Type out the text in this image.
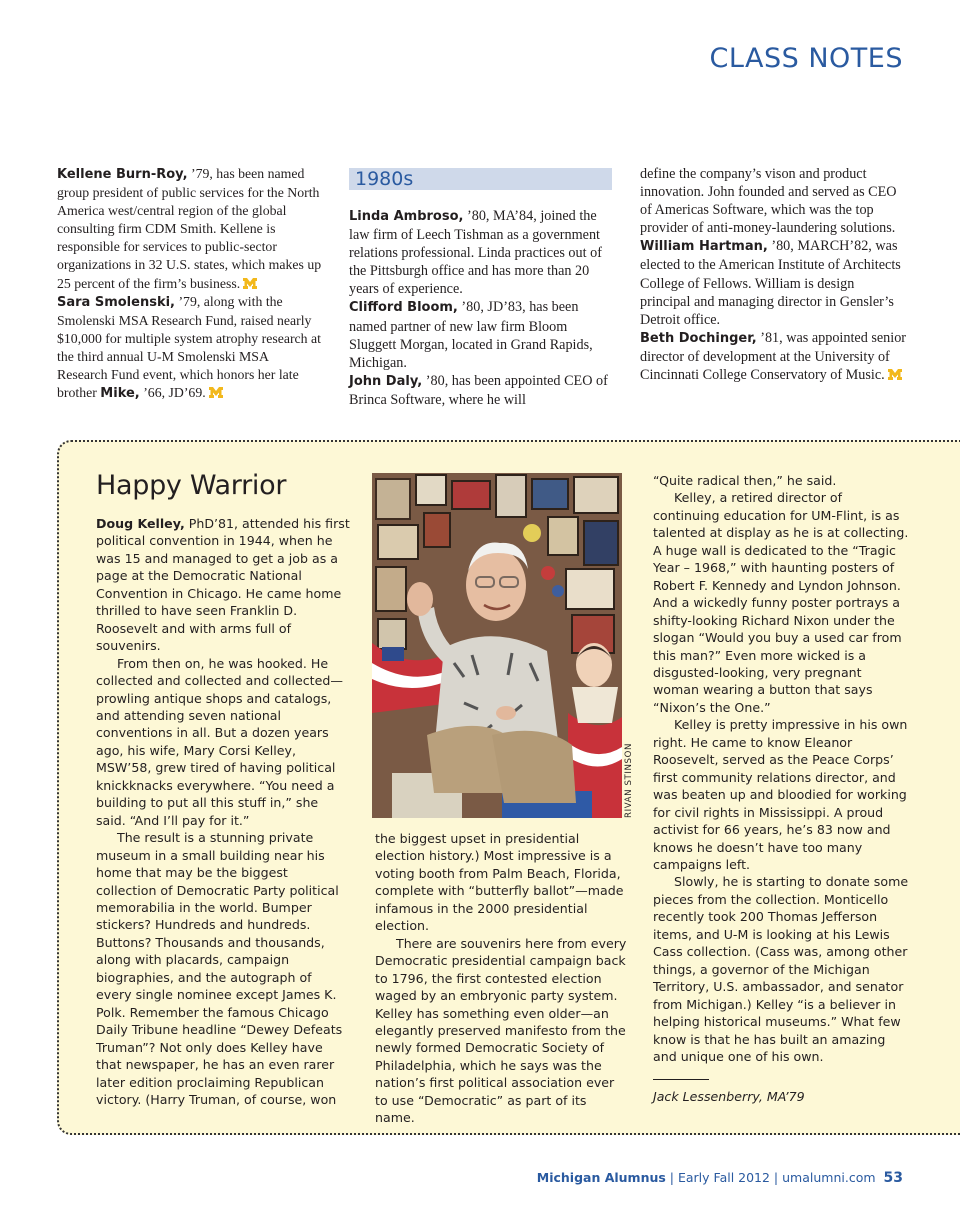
CLASS NOTES

Kellene Burn-Roy, ’79, has been named group president of public services for the North America west/central region of the global consulting firm CDM Smith. Kellene is responsible for services to public-sector organizations in 32 U.S. states, which makes up 25 percent of the firm’s business.

Sara Smolenski, ’79, along with the Smolenski MSA Research Fund, raised nearly $10,000 for multiple system atrophy research at the third annual U-M Smolenski MSA Research Fund event, which honors her late brother Mike, ’66, JD’69.

1980s

Linda Ambroso, ’80, MA’84, joined the law firm of Leech Tishman as a government relations professional. Linda practices out of the Pittsburgh office and has more than 20 years of experience.

Clifford Bloom, ’80, JD’83, has been named partner of new law firm Bloom Sluggett Morgan, located in Grand Rapids, Michigan.

John Daly, ’80, has been appointed CEO of Brinca Software, where he will

define the company’s vison and product innovation. John founded and served as CEO of Americas Software, which was the top provider of anti-money-laundering solutions.

William Hartman, ’80, MARCH’82, was elected to the American Institute of Architects College of Fellows. William is design principal and managing director in Gensler’s Detroit office.

Beth Dochinger, ’81, was appointed senior director of development at the University of Cincinnati College Conservatory of Music.

Happy Warrior

Doug Kelley, PhD’81, attended his first political convention in 1944, when he was 15 and managed to get a job as a page at the Democratic National Convention in Chicago. He came home thrilled to have seen Franklin D. Roosevelt and with arms full of souvenirs.

From then on, he was hooked. He collected and collected and collected—prowling antique shops and catalogs, and attending seven national conventions in all. But a dozen years ago, his wife, Mary Corsi Kelley, MSW’58, grew tired of having political knickknacks everywhere. “You need a building to put all this stuff in,” she said. “And I’ll pay for it.”

The result is a stunning private museum in a small building near his home that may be the biggest collection of Democratic Party political memorabilia in the world. Bumper stickers? Hundreds and hundreds. Buttons? Thousands and thousands, along with placards, campaign biographies, and the autograph of every single nominee except James K. Polk. Remember the famous Chicago Daily Tribune headline “Dewey Defeats Truman”? Not only does Kelley have that newspaper, he has an even rarer later edition proclaiming Republican victory. (Harry Truman, of course, won

RIVAN STINSON

the biggest upset in presidential election history.) Most impressive is a voting booth from Palm Beach, Florida, complete with “butterfly ballot”—made infamous in the 2000 presidential election.

There are souvenirs here from every Democratic presidential campaign back to 1796, the first contested election waged by an embryonic party system. Kelley has something even older—an elegantly preserved manifesto from the newly formed Democratic Society of Philadelphia, which he says was the nation’s first political association ever to use “Democratic” as part of its name.

“Quite radical then,” he said.

Kelley, a retired director of continuing education for UM-Flint, is as talented at display as he is at collecting. A huge wall is dedicated to the “Tragic Year – 1968,” with haunting posters of Robert F. Kennedy and Lyndon Johnson. And a wickedly funny poster portrays a shifty-looking Richard Nixon under the slogan “Would you buy a used car from this man?” Even more wicked is a disgusted-looking, very pregnant woman wearing a button that says “Nixon’s the One.”

Kelley is pretty impressive in his own right. He came to know Eleanor Roosevelt, served as the Peace Corps’ first community relations director, and was beaten up and bloodied for working for civil rights in Mississippi. A proud activist for 66 years, he’s 83 now and knows he doesn’t have too many campaigns left.

Slowly, he is starting to donate some pieces from the collection. Monticello recently took 200 Thomas Jefferson items, and U-M is looking at his Lewis Cass collection. (Cass was, among other things, a governor of the Michigan Territory, U.S. ambassador, and senator from Michigan.) Kelley “is a believer in helping historical museums.” What few know is that he has built an amazing and unique one of his own.

Jack Lessenberry, MA’79

Michigan Alumnus | Early Fall 2012 | umalumni.com 53
